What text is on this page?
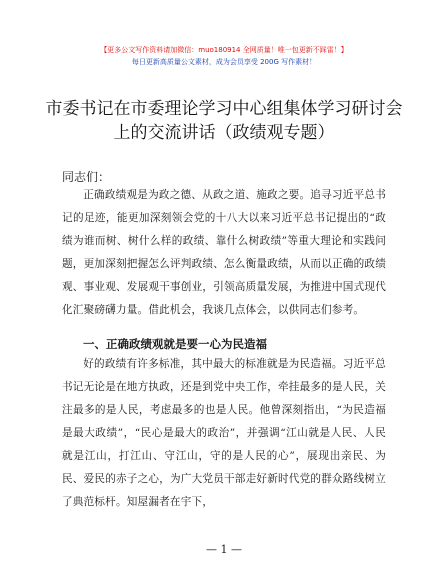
【更多公文写作资料请加微信：muo180914 全网质量！唯一包更新不踩雷！】
每日更新高质量公文素材，成为会员享受 200G 写作素材！
市委书记在市委理论学习中心组集体学习研讨会上的交流讲话（政绩观专题）
同志们：
正确政绩观是为政之德、从政之道、施政之要。追寻习近平总书记的足迹，能更加深刻领会党的十八大以来习近平总书记提出的“政绩为谁而树、树什么样的政绩、靠什么树政绩”等重大理论和实践问题，更加深刻把握怎么评判政绩、怎么衡量政绩，从而以正确的政绩观、事业观、发展观干事创业，引领高质量发展，为推进中国式现代化汇聚磅礴力量。借此机会，我谈几点体会，以供同志们参考。
一、正确政绩观就是要一心为民造福
好的政绩有许多标准，其中最大的标准就是为民造福。习近平总书记无论是在地方执政，还是到党中央工作，牵挂最多的是人民，关注最多的是人民，考虑最多的也是人民。他曾深刻指出，“为民造福是最大政绩”，“民心是最大的政治”，并强调“江山就是人民、人民就是江山，打江山、守江山，守的是人民的心”，展现出亲民、为民、爱民的赤子之心，为广大党员干部走好新时代党的群众路线树立了典范标杆。知屋漏者在宇下，
— 1 —
